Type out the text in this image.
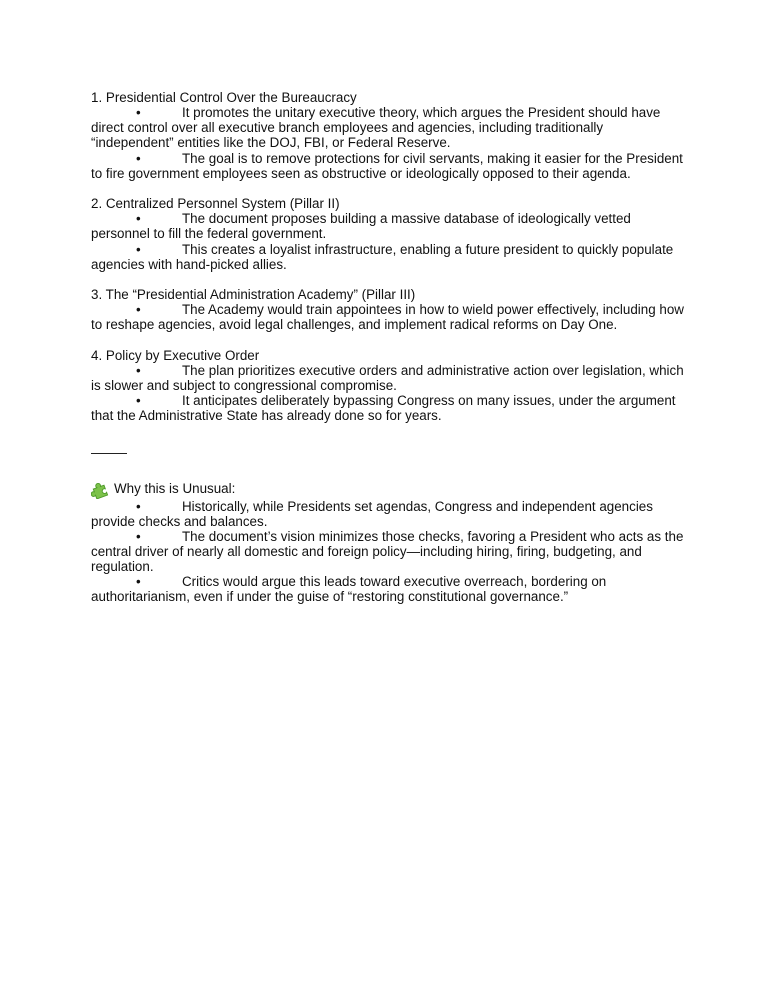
1. Presidential Control Over the Bureaucracy

•	It promotes the unitary executive theory, which argues the President should have direct control over all executive branch employees and agencies, including traditionally “independent” entities like the DOJ, FBI, or Federal Reserve.

•	The goal is to remove protections for civil servants, making it easier for the President to fire government employees seen as obstructive or ideologically opposed to their agenda.

2. Centralized Personnel System (Pillar II)

•	The document proposes building a massive database of ideologically vetted personnel to fill the federal government.

•	This creates a loyalist infrastructure, enabling a future president to quickly populate agencies with hand-picked allies.

3. The “Presidential Administration Academy” (Pillar III)

•	The Academy would train appointees in how to wield power effectively, including how to reshape agencies, avoid legal challenges, and implement radical reforms on Day One.

4. Policy by Executive Order

•	The plan prioritizes executive orders and administrative action over legislation, which is slower and subject to congressional compromise.

•	It anticipates deliberately bypassing Congress on many issues, under the argument that the Administrative State has already done so for years.

Why this is Unusual:

•	Historically, while Presidents set agendas, Congress and independent agencies provide checks and balances.

•	The document’s vision minimizes those checks, favoring a President who acts as the central driver of nearly all domestic and foreign policy—including hiring, firing, budgeting, and regulation.

•	Critics would argue this leads toward executive overreach, bordering on authoritarianism, even if under the guise of “restoring constitutional governance.”
